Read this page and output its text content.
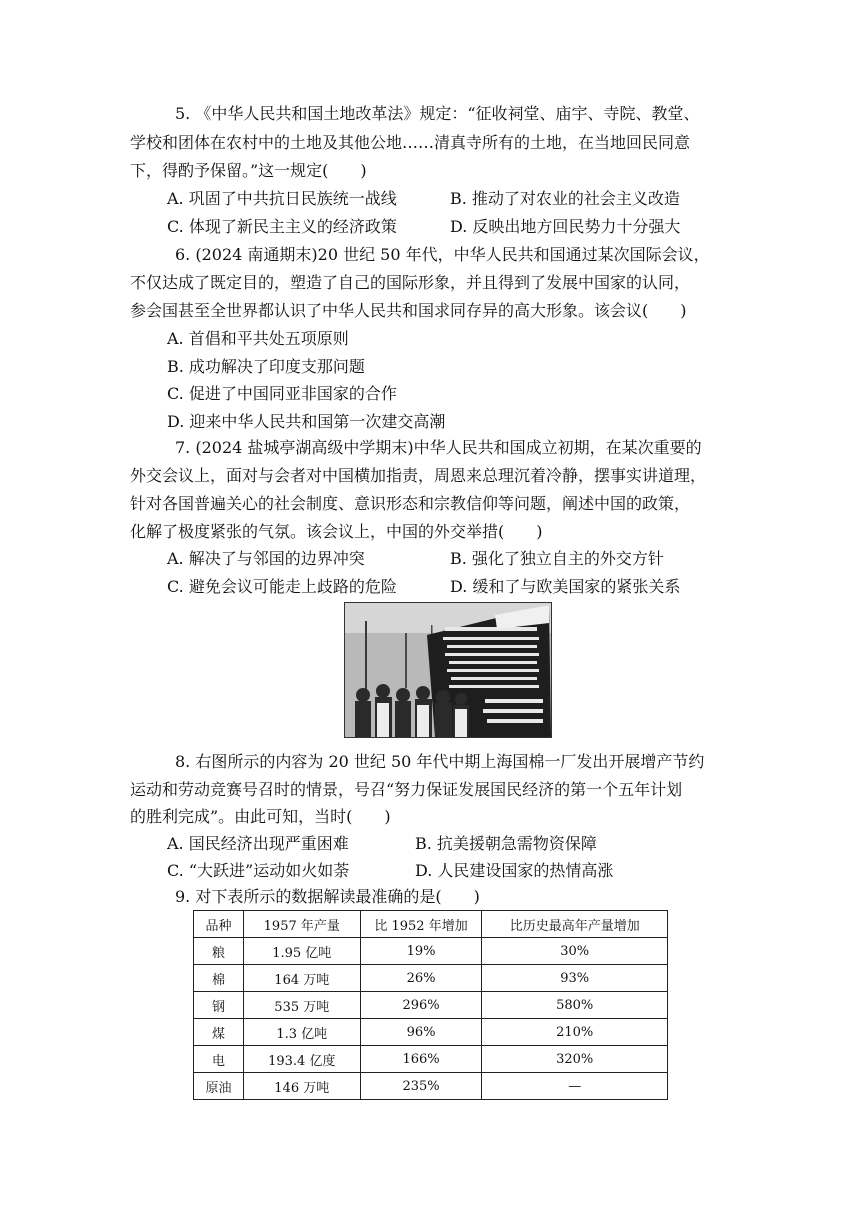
5. 《中华人民共和国土地改革法》规定：“征收祠堂、庙宇、寺院、教堂、
学校和团体在农村中的土地及其他公地……清真寺所有的土地，在当地回民同意
下，得酌予保留。”这一规定(　　)
A. 巩固了中共抗日民族统一战线	B. 推动了对农业的社会主义改造
C. 体现了新民主主义的经济政策	D. 反映出地方回民势力十分强大
6. (2024 南通期末)20 世纪 50 年代，中华人民共和国通过某次国际会议，
不仅达成了既定目的，塑造了自己的国际形象，并且得到了发展中国家的认同，
参会国甚至全世界都认识了中华人民共和国求同存异的高大形象。该会议(　　)
A. 首倡和平共处五项原则
B. 成功解决了印度支那问题
C. 促进了中国同亚非国家的合作
D. 迎来中华人民共和国第一次建交高潮
7. (2024 盐城亭湖高级中学期末)中华人民共和国成立初期，在某次重要的
外交会议上，面对与会者对中国横加指责，周恩来总理沉着冷静，摆事实讲道理，
针对各国普遍关心的社会制度、意识形态和宗教信仰等问题，阐述中国的政策，
化解了极度紧张的气氛。该会议上，中国的外交举措(　　)
A. 解决了与邻国的边界冲突	B. 强化了独立自主的外交方针
C. 避免会议可能走上歧路的危险	D. 缓和了与欧美国家的紧张关系
8. 右图所示的内容为 20 世纪 50 年代中期上海国棉一厂发出开展增产节约
运动和劳动竞赛号召时的情景，号召“努力保证发展国民经济的第一个五年计划
的胜利完成”。由此可知，当时(　　)
A. 国民经济出现严重困难	B. 抗美援朝急需物资保障
C. “大跃进”运动如火如荼	D. 人民建设国家的热情高涨
9. 对下表所示的数据解读最准确的是(　　)
品种	1957 年产量	比 1952 年增加	比历史最高年产量增加
粮	1.95 亿吨	19%	30%
棉	164 万吨	26%	93%
钢	535 万吨	296%	580%
煤	1.3 亿吨	96%	210%
电	193.4 亿度	166%	320%
原油	146 万吨	235%	—
